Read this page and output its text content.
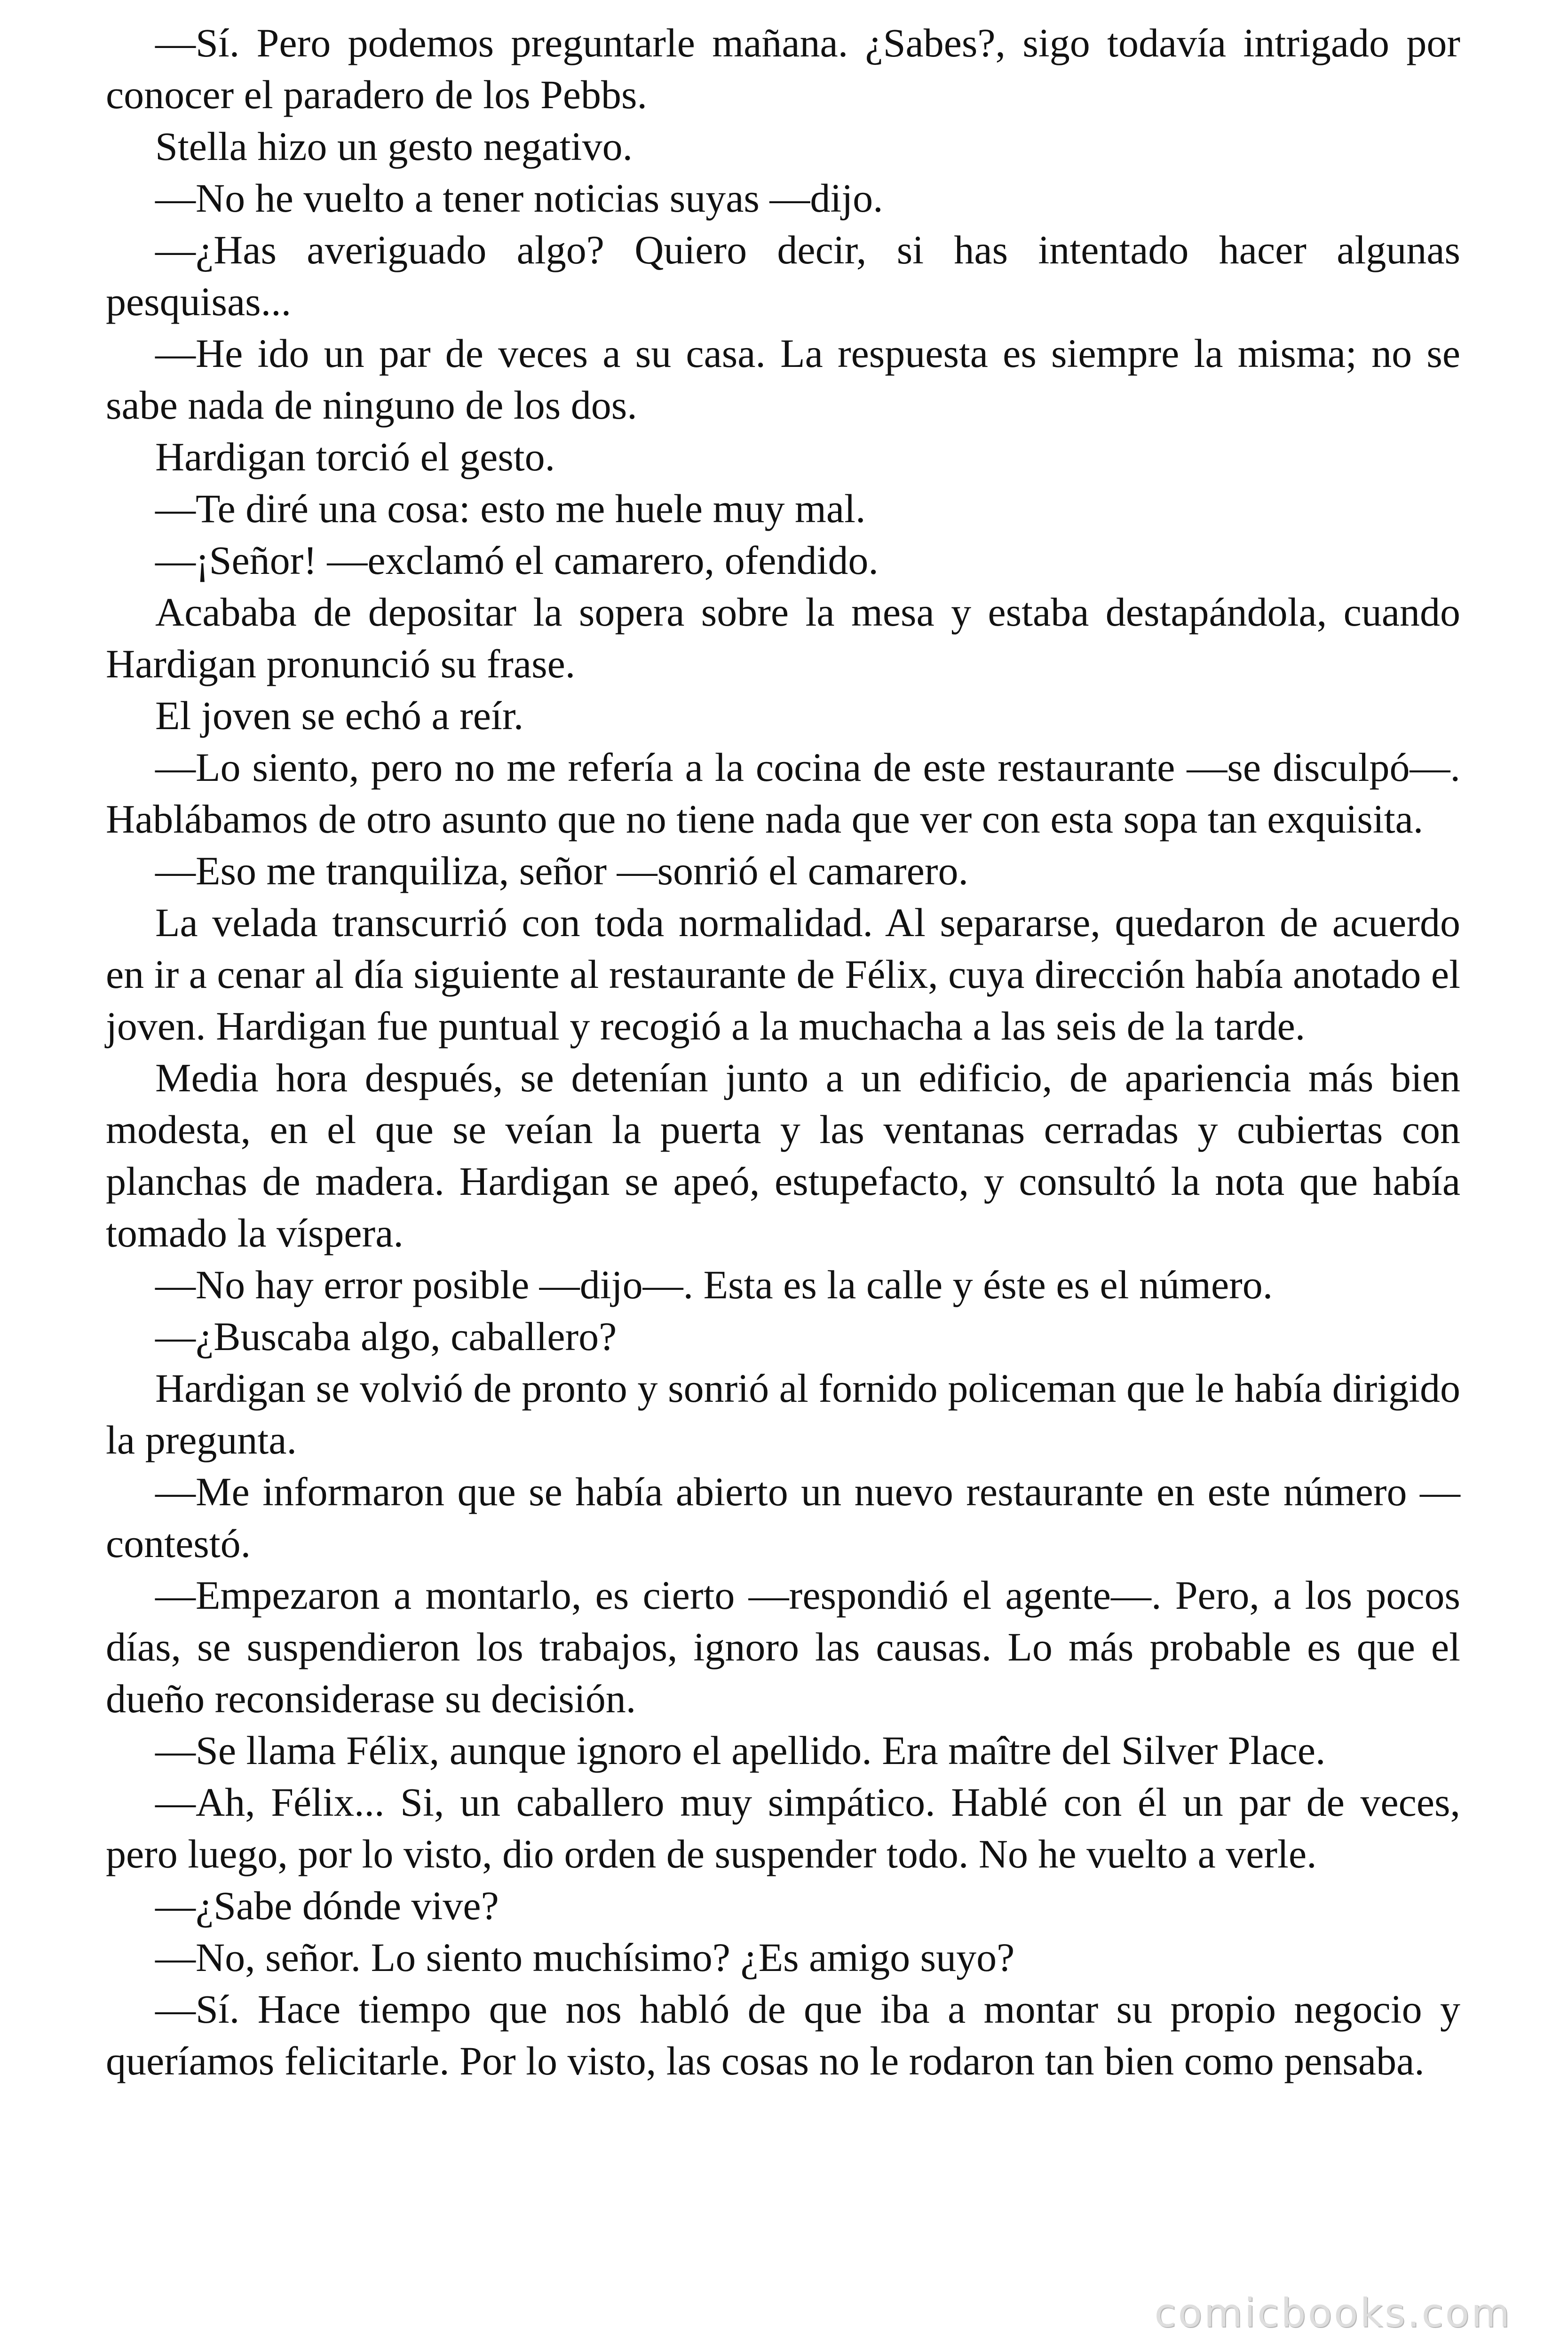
—Sí. Pero podemos preguntarle mañana. ¿Sabes?, sigo todavía intrigado por conocer el paradero de los Pebbs.

Stella hizo un gesto negativo.

—No he vuelto a tener noticias suyas —dijo.

—¿Has averiguado algo? Quiero decir, si has intentado hacer algunas pesquisas...

—He ido un par de veces a su casa. La respuesta es siempre la misma; no se sabe nada de ninguno de los dos.

Hardigan torció el gesto.

—Te diré una cosa: esto me huele muy mal.

—¡Señor! —exclamó el camarero, ofendido.

Acababa de depositar la sopera sobre la mesa y estaba destapándola, cuando Hardigan pronunció su frase.

El joven se echó a reír.

—Lo siento, pero no me refería a la cocina de este restaurante —se disculpó—. Hablábamos de otro asunto que no tiene nada que ver con esta sopa tan exquisita.

—Eso me tranquiliza, señor —sonrió el camarero.

La velada transcurrió con toda normalidad. Al separarse, quedaron de acuerdo en ir a cenar al día siguiente al restaurante de Félix, cuya dirección había anotado el joven. Hardigan fue puntual y recogió a la muchacha a las seis de la tarde.

Media hora después, se detenían junto a un edificio, de apariencia más bien modesta, en el que se veían la puerta y las ventanas cerradas y cubiertas con planchas de madera. Hardigan se apeó, estupefacto, y consultó la nota que había tomado la víspera.

—No hay error posible —dijo—. Esta es la calle y éste es el número.

—¿Buscaba algo, caballero?

Hardigan se volvió de pronto y sonrió al fornido policeman que le había dirigido la pregunta.

—Me informaron que se había abierto un nuevo restaurante en este número —contestó.

—Empezaron a montarlo, es cierto —respondió el agente—. Pero, a los pocos días, se suspendieron los trabajos, ignoro las causas. Lo más probable es que el dueño reconsiderase su decisión.

—Se llama Félix, aunque ignoro el apellido. Era maître del Silver Place.

—Ah, Félix... Si, un caballero muy simpático. Hablé con él un par de veces, pero luego, por lo visto, dio orden de suspender todo. No he vuelto a verle.

—¿Sabe dónde vive?

—No, señor. Lo siento muchísimo? ¿Es amigo suyo?

—Sí. Hace tiempo que nos habló de que iba a montar su propio negocio y queríamos felicitarle. Por lo visto, las cosas no le rodaron tan bien como pensaba.

comicbooks.com
